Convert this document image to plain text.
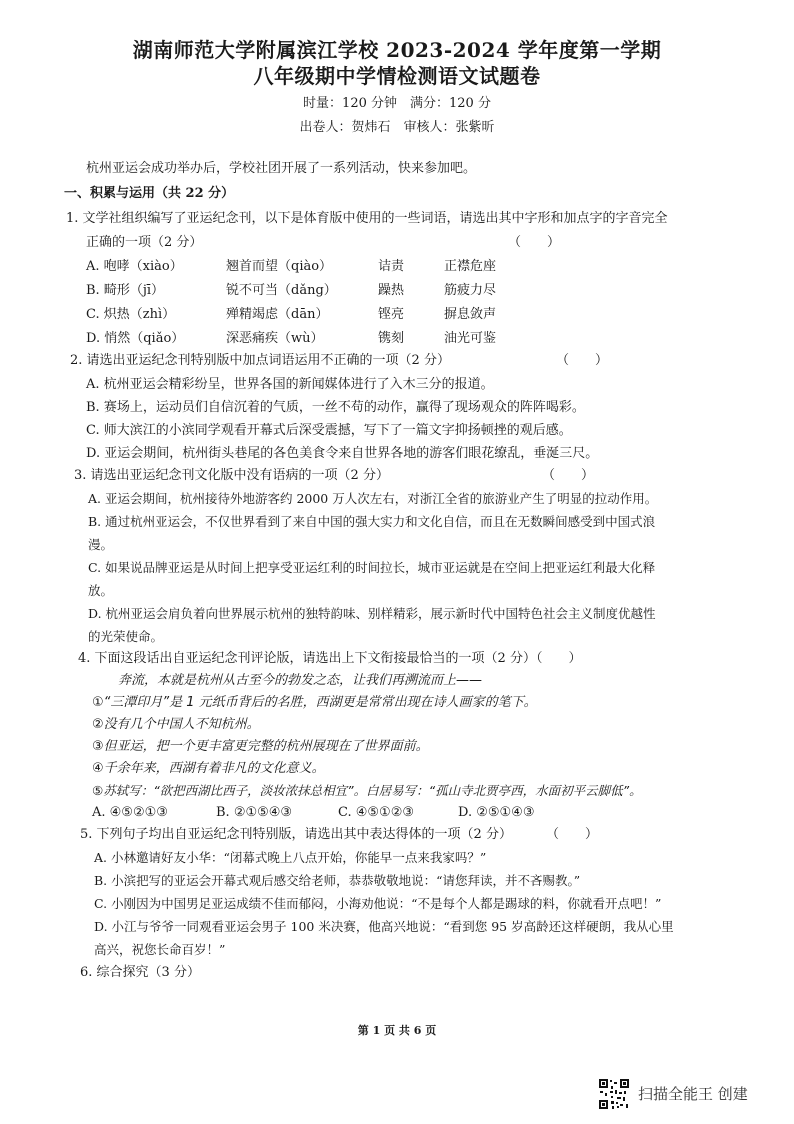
湖南师范大学附属滨江学校 2023-2024 学年度第一学期
八年级期中学情检测语文试题卷
时量：120 分钟　满分：120 分
出卷人：贺炜石　审核人：张紫昕
杭州亚运会成功举办后，学校社团开展了一系列活动，快来参加吧。
一、积累与运用（共 22 分）
1. 文学社组织编写了亚运纪念刊，以下是体育版中使用的一些词语，请选出其中字形和加点字的字音完全
正确的一项（2 分）	（　　）
A. 咆哮（xiào）	翘首而望（qiào）	诘责	正襟危座
B. 畸形（jī）	锐不可当（dǎng）	躁热	筋疲力尽
C. 炽热（zhì）	殚精竭虑（dān）	铿亮	摒息敛声
D. 悄然（qiǎo）	深恶痛疾（wù）	镌刻	油光可鉴
2. 请选出亚运纪念刊特别版中加点词语运用不正确的一项（2 分）	（　　）
A. 杭州亚运会精彩纷呈，世界各国的新闻媒体进行了入木三分的报道。
B. 赛场上，运动员们自信沉着的气质，一丝不苟的动作，赢得了现场观众的阵阵喝彩。
C. 师大滨江的小滨同学观看开幕式后深受震撼，写下了一篇文字抑扬顿挫的观后感。
D. 亚运会期间，杭州街头巷尾的各色美食令来自世界各地的游客们眼花缭乱，垂涎三尺。
3. 请选出亚运纪念刊文化版中没有语病的一项（2 分）	（　　）
A. 亚运会期间，杭州接待外地游客约 2000 万人次左右，对浙江全省的旅游业产生了明显的拉动作用。
B. 通过杭州亚运会，不仅世界看到了来自中国的强大实力和文化自信，而且在无数瞬间感受到中国式浪
漫。
C. 如果说品牌亚运是从时间上把享受亚运红利的时间拉长，城市亚运就是在空间上把亚运红利最大化释
放。
D. 杭州亚运会肩负着向世界展示杭州的独特韵味、别样精彩，展示新时代中国特色社会主义制度优越性
的光荣使命。
4. 下面这段话出自亚运纪念刊评论版，请选出上下文衔接最恰当的一项（2 分）（　　）
奔流，本就是杭州从古至今的勃发之态，让我们再溯流而上——
①“三潭印月”是 1 元纸币背后的名胜，西湖更是常常出现在诗人画家的笔下。
②没有几个中国人不知杭州。
③但亚运，把一个更丰富更完整的杭州展现在了世界面前。
④千余年来，西湖有着非凡的文化意义。
⑤苏轼写：“欲把西湖比西子，淡妆浓抹总相宜”。白居易写：“孤山寺北贾亭西，水面初平云脚低”。
A. ④⑤②①③	B. ②①⑤④③	C. ④⑤①②③	D. ②⑤①④③
5. 下列句子均出自亚运纪念刊特别版，请选出其中表达得体的一项（2 分）	（　　）
A. 小林邀请好友小华：“闭幕式晚上八点开始，你能早一点来我家吗？”
B. 小滨把写的亚运会开幕式观后感交给老师，恭恭敬敬地说：“请您拜读，并不吝赐教。”
C. 小刚因为中国男足亚运成绩不佳而郁闷，小海劝他说：“不是每个人都是踢球的料，你就看开点吧！”
D. 小江与爷爷一同观看亚运会男子 100 米决赛，他高兴地说：“看到您 95 岁高龄还这样硬朗，我从心里
高兴，祝您长命百岁！”
6. 综合探究（3 分）
第 1 页 共 6 页
扫描全能王 创建
